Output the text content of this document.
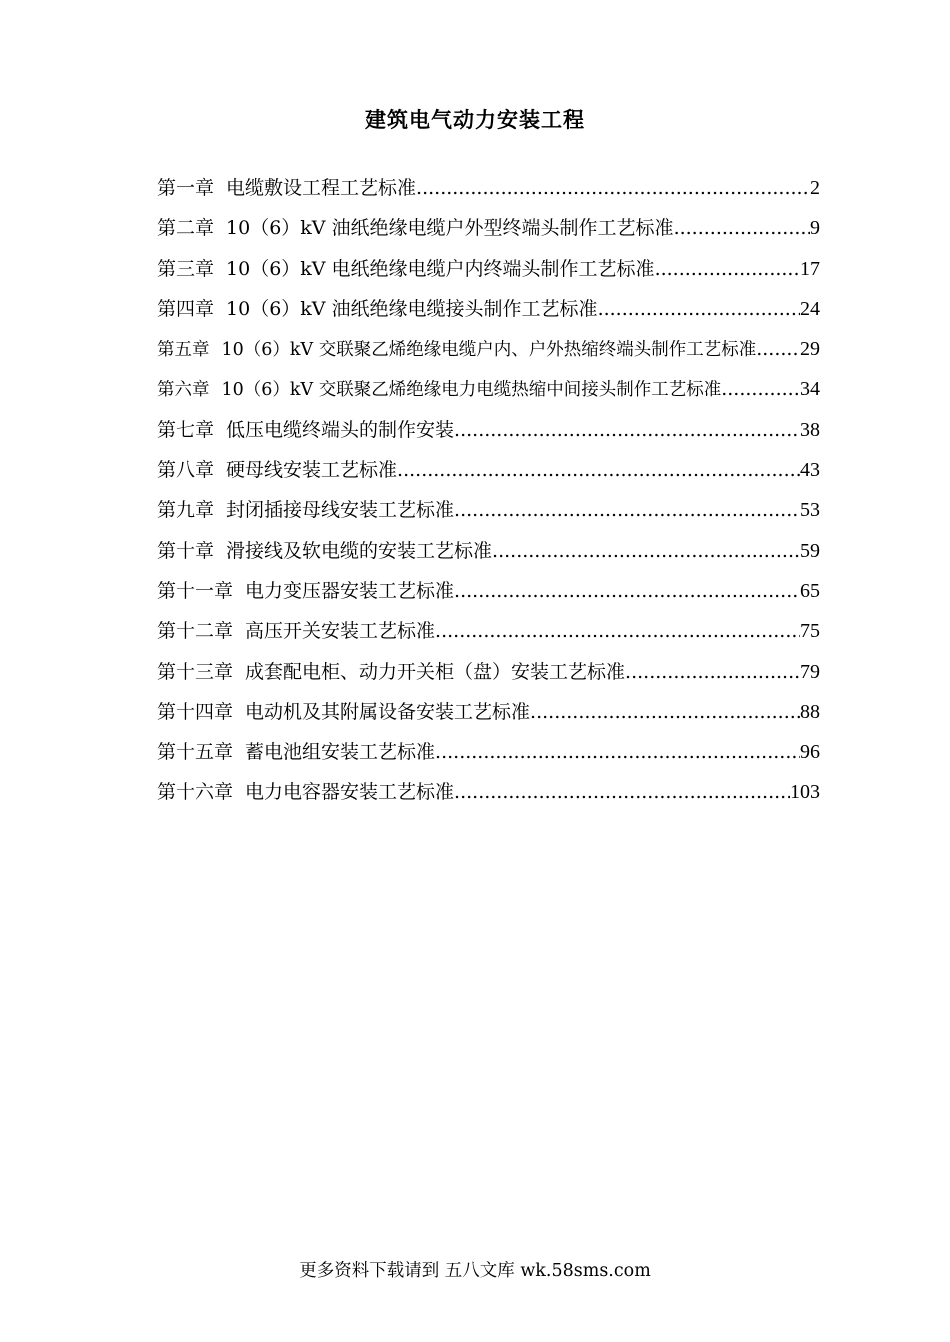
建筑电气动力安装工程
第一章 电缆敷设工程工艺标准 .....	2
第二章 10（6）kV 油纸绝缘电缆户外型终端头制作工艺标准 .....	9
第三章 10（6）kV 电纸绝缘电缆户内终端头制作工艺标准 .....	17
第四章 10（6）kV 油纸绝缘电缆接头制作工艺标准 .....	24
第五章 10（6）kV 交联聚乙烯绝缘电缆户内、户外热缩终端头制作工艺标准 ..... 29
第六章 10（6）kV 交联聚乙烯绝缘电力电缆热缩中间接头制作工艺标准 .....	34
第七章 低压电缆终端头的制作安装 .....	38
第八章 硬母线安装工艺标准 .....	43
第九章 封闭插接母线安装工艺标准 .....	53
第十章 滑接线及软电缆的安装工艺标准 .....	59
第十一章 电力变压器安装工艺标准 .....	65
第十二章 高压开关安装工艺标准 .....	75
第十三章 成套配电柜、动力开关柜（盘）安装工艺标准 .....	79
第十四章 电动机及其附属设备安装工艺标准 .....	88
第十五章 蓄电池组安装工艺标准 .....	96
第十六章 电力电容器安装工艺标准 .....	103
更多资料下载请到 五八文库 wk.58sms.com
